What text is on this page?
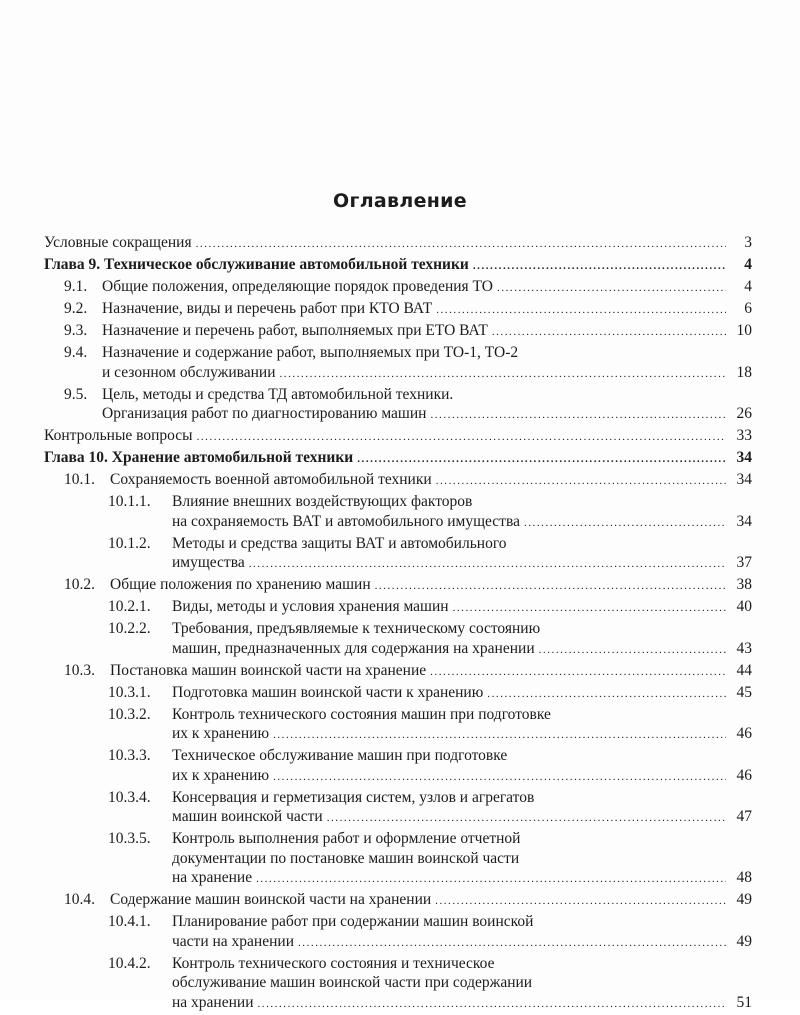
Оглавление
Условные сокращения . . .	3
Глава 9. Техническое обслуживание автомобильной техники . . .	4
9.1. Общие положения, определяющие порядок проведения ТО . . .	4
9.2. Назначение, виды и перечень работ при КТО ВАТ . . .	6
9.3. Назначение и перечень работ, выполняемых при ЕТО ВАТ . . .	10
9.4. Назначение и содержание работ, выполняемых при ТО-1, ТО-2
и сезонном обслуживании . . .	18
9.5. Цель, методы и средства ТД автомобильной техники.
Организация работ по диагностированию машин . . .	26
Контрольные вопросы . . .	33
Глава 10. Хранение автомобильной техники . . .	34
10.1. Сохраняемость военной автомобильной техники . . .	34
10.1.1.	Влияние внешних воздействующих факторов
на сохраняемость ВАТ и автомобильного имущества . . .	34
10.1.2.	Методы и средства защиты ВАТ и автомобильного
имущества . . .	37
10.2. Общие положения по хранению машин . . .	38
10.2.1.	Виды, методы и условия хранения машин . . .	40
10.2.2.	Требования, предъявляемые к техническому состоянию
машин, предназначенных для содержания на хранении . . .	43
10.3. Постановка машин воинской части на хранение . . .	44
10.3.1.	Подготовка машин воинской части к хранению . . .	45
10.3.2.	Контроль технического состояния машин при подготовке
их к хранению . . .	46
10.3.3.	Техническое обслуживание машин при подготовке
их к хранению . . .	46
10.3.4.	Консервация и герметизация систем, узлов и агрегатов
машин воинской части . . .	47
10.3.5.	Контроль выполнения работ и оформление отчетной
документации по постановке машин воинской части
на хранение . . .	48
10.4. Содержание машин воинской части на хранении . . .	49
10.4.1.	Планирование работ при содержании машин воинской
части на хранении . . .	49
10.4.2.	Контроль технического состояния и техническое
обслуживание машин воинской части при содержании
на хранении . . .	51
